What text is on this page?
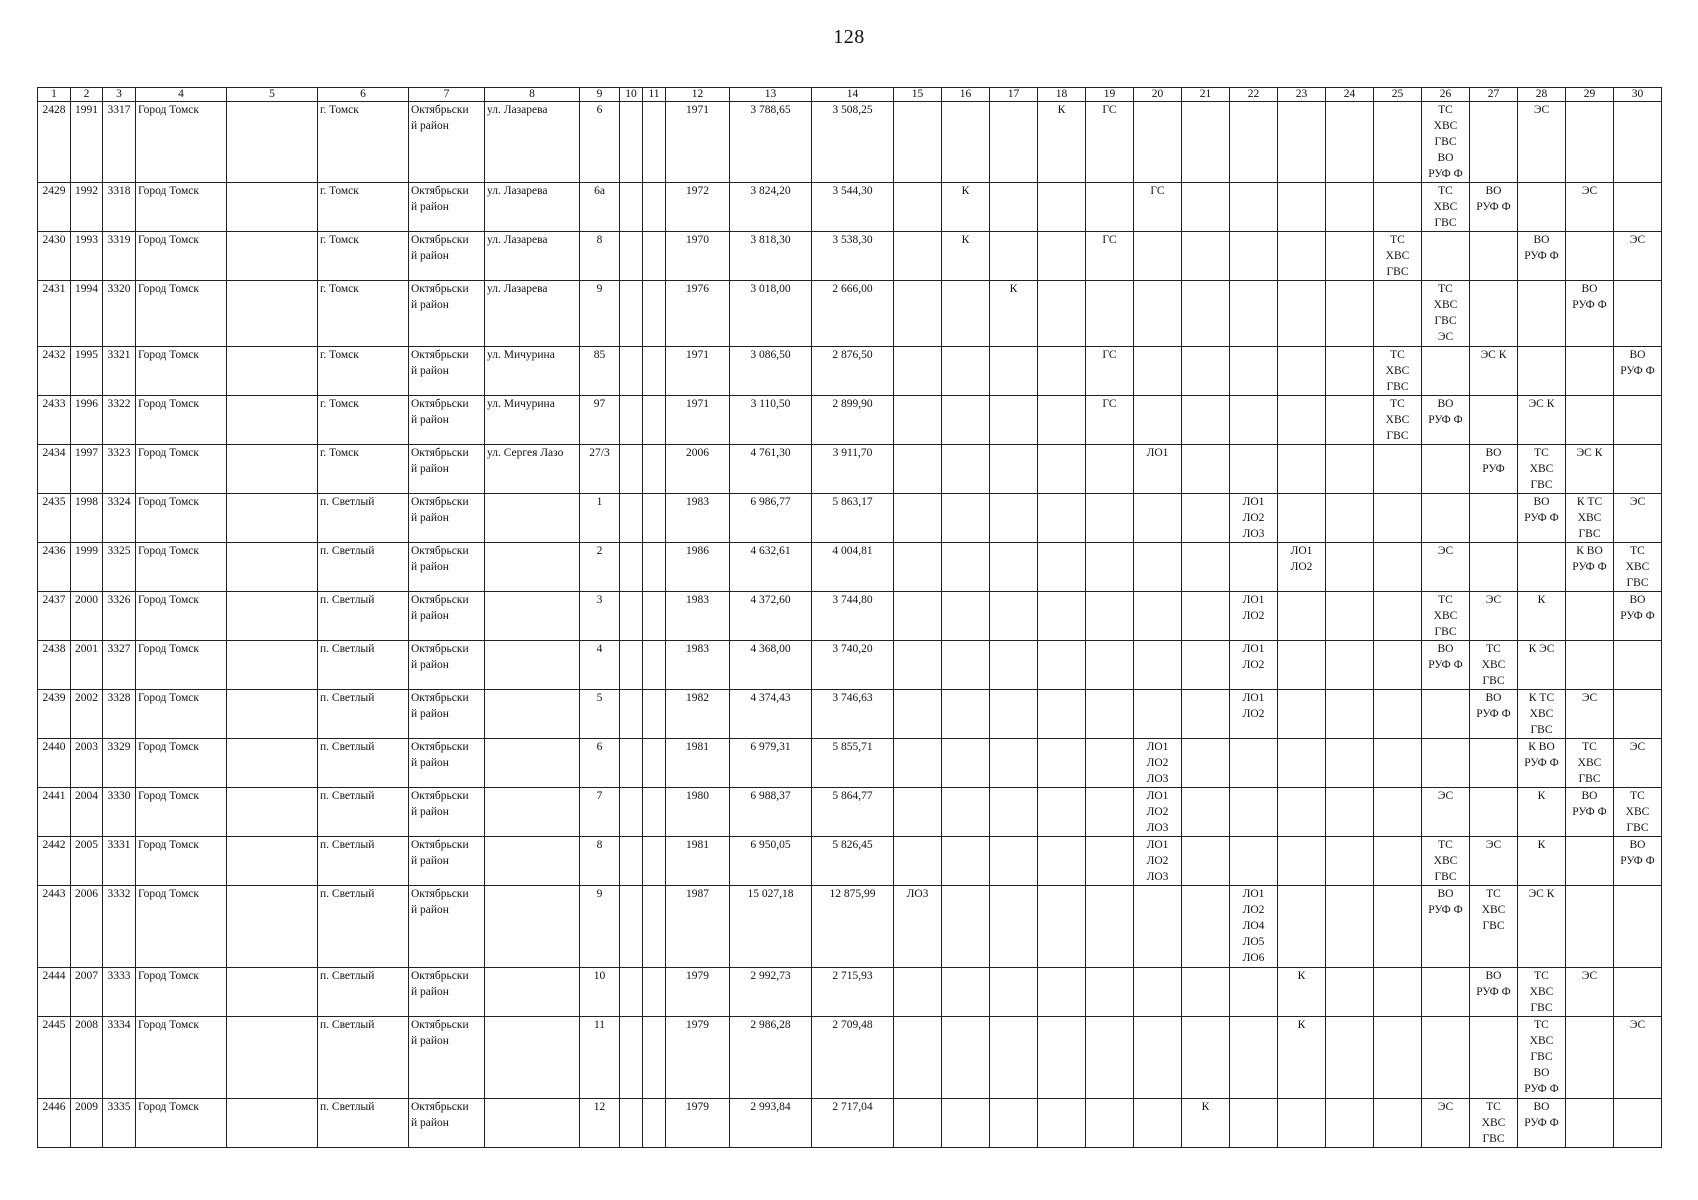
128
1	2	3	4	5	6	7	8	9	10	11	12	13	14	15	16	17	18	19	20	21	22	23	24	25	26	27	28	29	30
2428	1991	3317	Город Томск		г. Томск	Октябрьски
й район	ул. Лазарева	6			1971	3 788,65	3 508,25				К	ГС							ТС
ХВС
ГВС
ВО
РУФ Ф		ЭС		

2429	1992	3318	Город Томск		г. Томск	Октябрьски
й район	ул. Лазарева	6а			1972	3 824,20	3 544,30		К				ГС						ТС
ХВС
ГВС	ВО
РУФ Ф		ЭС	

2430	1993	3319	Город Томск		г. Томск	Октябрьски
й район	ул. Лазарева	8			1970	3 818,30	3 538,30		К			ГС						ТС
ХВС
ГВС			ВО
РУФ Ф		ЭС

2431	1994	3320	Город Томск		г. Томск	Октябрьски
й район	ул. Лазарева	9			1976	3 018,00	2 666,00			К									ТС
ХВС
ГВС
ЭС			ВО
РУФ Ф	

2432	1995	3321	Город Томск		г. Томск	Октябрьски
й район	ул. Мичурина	85			1971	3 086,50	2 876,50					ГС						ТС
ХВС
ГВС		ЭС К			ВО
РУФ Ф

2433	1996	3322	Город Томск		г. Томск	Октябрьски
й район	ул. Мичурина	97			1971	3 110,50	2 899,90					ГС						ТС
ХВС
ГВС	ВО
РУФ Ф		ЭС К		

2434	1997	3323	Город Томск		г. Томск	Октябрьски
й район	ул. Сергея Лазо	27/3			2006	4 761,30	3 911,70						ЛО1							ВО
РУФ	ТС
ХВС
ГВС	ЭС К	

2435	1998	3324	Город Томск		п. Светлый	Октябрьски
й район		1			1983	6 986,77	5 863,17								ЛО1
ЛО2
ЛО3						ВО
РУФ Ф	К ТС
ХВС
ГВС	ЭС

2436	1999	3325	Город Томск		п. Светлый	Октябрьски
й район		2			1986	4 632,61	4 004,81									ЛО1
ЛО2			ЭС			К ВО
РУФ Ф	ТС
ХВС
ГВС

2437	2000	3326	Город Томск		п. Светлый	Октябрьски
й район		3			1983	4 372,60	3 744,80								ЛО1
ЛО2				ТС
ХВС
ГВС	ЭС	К		ВО
РУФ Ф

2438	2001	3327	Город Томск		п. Светлый	Октябрьски
й район		4			1983	4 368,00	3 740,20								ЛО1
ЛО2				ВО
РУФ Ф	ТС
ХВС
ГВС	К ЭС		

2439	2002	3328	Город Томск		п. Светлый	Октябрьски
й район		5			1982	4 374,43	3 746,63								ЛО1
ЛО2					ВО
РУФ Ф	К ТС
ХВС
ГВС	ЭС	

2440	2003	3329	Город Томск		п. Светлый	Октябрьски
й район		6			1981	6 979,31	5 855,71						ЛО1
ЛО2
ЛО3								К ВО
РУФ Ф	ТС
ХВС
ГВС	ЭС

2441	2004	3330	Город Томск		п. Светлый	Октябрьски
й район		7			1980	6 988,37	5 864,77						ЛО1
ЛО2
ЛО3						ЭС		К	ВО
РУФ Ф	ТС
ХВС
ГВС

2442	2005	3331	Город Томск		п. Светлый	Октябрьски
й район		8			1981	6 950,05	5 826,45						ЛО1
ЛО2
ЛО3						ТС
ХВС
ГВС	ЭС	К		ВО
РУФ Ф

2443	2006	3332	Город Томск		п. Светлый	Октябрьски
й район		9			1987	15 027,18	12 875,99	ЛО3							ЛО1
ЛО2
ЛО4
ЛО5
ЛО6				ВО
РУФ Ф	ТС
ХВС
ГВС	ЭС К		

2444	2007	3333	Город Томск		п. Светлый	Октябрьски
й район		10			1979	2 992,73	2 715,93									К				ВО
РУФ Ф	ТС
ХВС
ГВС	ЭС	

2445	2008	3334	Город Томск		п. Светлый	Октябрьски
й район		11			1979	2 986,28	2 709,48									К					ТС
ХВС
ГВС
ВО
РУФ Ф		ЭС

2446	2009	3335	Город Томск		п. Светлый	Октябрьски
й район		12			1979	2 993,84	2 717,04							К					ЭС	ТС
ХВС
ГВС	ВО
РУФ Ф		
